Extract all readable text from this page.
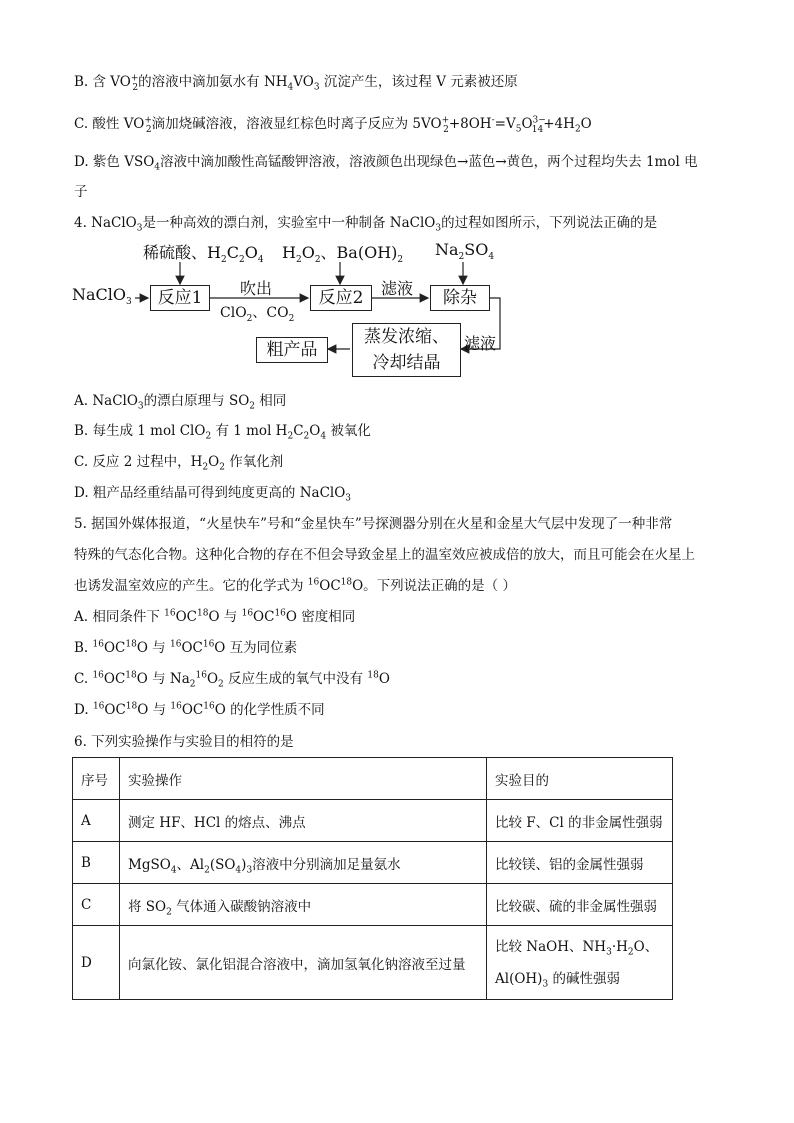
B. 含 $VO^+_2$的溶液中滴加氨水有 $NH_4VO_3$ 沉淀产生，该过程 V 元素被还原
C. 酸性 $VO^+_2$滴加烧碱溶液，溶液显红棕色时离子反应为 $5VO^+_2+8OH^-=V_5O^{3-}_{14}+4H_2O$
D. 紫色 $VSO_4$溶液中滴加酸性高锰酸钾溶液，溶液颜色出现绿色→蓝色→黄色，两个过程均失去 1mol 电
子
4. NaClO$_3$是一种高效的漂白剂，实验室中一种制备 NaClO$_3$的过程如图所示，下列说法正确的是
稀硫酸、$H_2C_2O_4$ $H_2O_2$、$Ba(OH)_2$
$Na_2SO_4$
NaClO$_3$	反应1	反应2	除杂
蒸发浓缩、
冷却结晶
粗产品
吹出
ClO$_2$、$CO_2$
滤液
滤液
A. NaClO$_3$的漂白原理与 $SO_2$ 相同
B. 每生成 1 mol ClO$_2$ 有 1 mol $H_2C_2O_4$ 被氧化
C. 反应 2 过程中，$H_2O_2$ 作氧化剂
D. 粗产品经重结晶可得到纯度更高的 NaClO$_3$
5. 据国外媒体报道，“火星快车”号和“金星快车”号探测器分别在火星和金星大气层中发现了一种非常
特殊的气态化合物。这种化合物的存在不但会导致金星上的温室效应被成倍的放大，而且可能会在火星上
也诱发温室效应的产生。它的化学式为 $^{16}$OC$^{18}$O。下列说法正确的是（ ）
A. 相同条件下 $^{16}$OC$^{18}$O 与 $^{16}$OC$^{16}$O 密度相同
B. $^{16}$OC$^{18}$O 与 $^{16}$OC$^{16}$O 互为同位素
C. $^{16}$OC$^{18}$O 与 $Na_2^{16}O_2$ 反应生成的氧气中没有 $^{18}$O
D. $^{16}$OC$^{18}$O 与 $^{16}$OC$^{16}$O 的化学性质不同
6. 下列实验操作与实验目的相符的是
序号	实验操作	实验目的
A	测定 HF、HCl 的熔点、沸点	比较 F、Cl 的非金属性强弱
B	MgSO$_4$、$Al_2(SO_4)_3$溶液中分别滴加足量氨水	比较镁、铝的金属性强弱
C	将 $SO_2$ 气体通入碳酸钠溶液中	比较碳、硫的非金属性强弱
D	向氯化铵、氯化铝混合溶液中，滴加氢氧化钠溶液至过量	比较 NaOH、$NH_3\cdot H_2O$、
$Al(OH)_3$ 的碱性强弱
